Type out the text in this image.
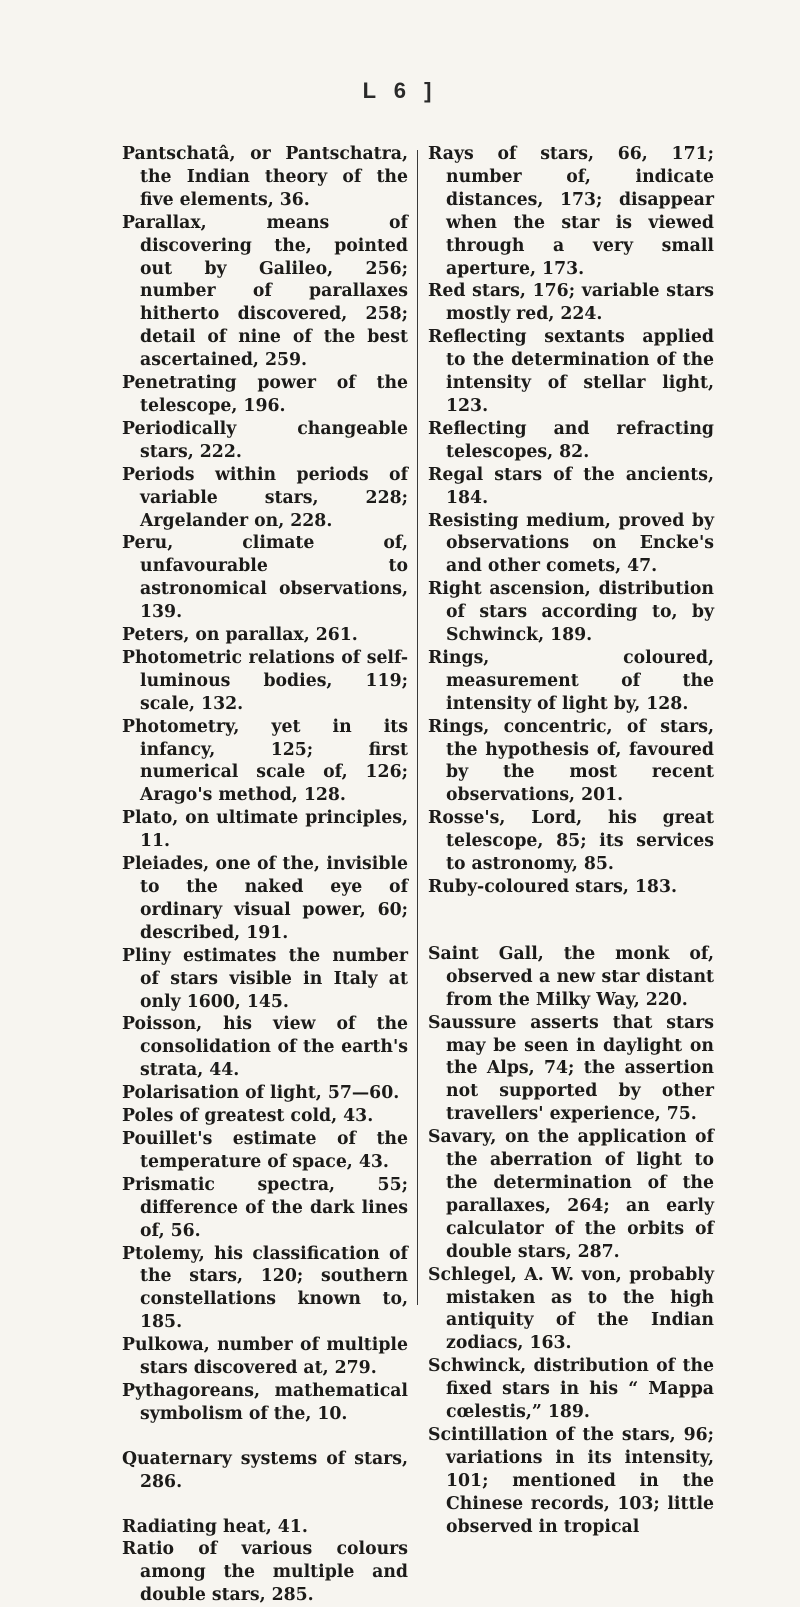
L 6 ]

Pantschatâ, or Pantschatra, the Indian theory of the five elements, 36.

Parallax, means of discovering the, pointed out by Galileo, 256; number of parallaxes hitherto discovered, 258; detail of nine of the best ascertained, 259.

Penetrating power of the telescope, 196.

Periodically changeable stars, 222.

Periods within periods of variable stars, 228; Argelander on, 228.

Peru, climate of, unfavourable to astronomical observations, 139.

Peters, on parallax, 261.

Photometric relations of self-luminous bodies, 119; scale, 132.

Photometry, yet in its infancy, 125; first numerical scale of, 126; Arago's method, 128.

Plato, on ultimate principles, 11.

Pleiades, one of the, invisible to the naked eye of ordinary visual power, 60; described, 191.

Pliny estimates the number of stars visible in Italy at only 1600, 145.

Poisson, his view of the consolidation of the earth's strata, 44.

Polarisation of light, 57—60.

Poles of greatest cold, 43.

Pouillet's estimate of the temperature of space, 43.

Prismatic spectra, 55; difference of the dark lines of, 56.

Ptolemy, his classification of the stars, 120; southern constellations known to, 185.

Pulkowa, number of multiple stars discovered at, 279.

Pythagoreans, mathematical symbolism of the, 10.

Quaternary systems of stars, 286.

Radiating heat, 41.

Ratio of various colours among the multiple and double stars, 285.

Rays of stars, 66, 171; number of, indicate distances, 173; disappear when the star is viewed through a very small aperture, 173.

Red stars, 176; variable stars mostly red, 224.

Reflecting sextants applied to the determination of the intensity of stellar light, 123.

Reflecting and refracting telescopes, 82.

Regal stars of the ancients, 184.

Resisting medium, proved by observations on Encke's and other comets, 47.

Right ascension, distribution of stars according to, by Schwinck, 189.

Rings, coloured, measurement of the intensity of light by, 128.

Rings, concentric, of stars, the hypothesis of, favoured by the most recent observations, 201.

Rosse's, Lord, his great telescope, 85; its services to astronomy, 85.

Ruby-coloured stars, 183.

Saint Gall, the monk of, observed a new star distant from the Milky Way, 220.

Saussure asserts that stars may be seen in daylight on the Alps, 74; the assertion not supported by other travellers' experience, 75.

Savary, on the application of the aberration of light to the determination of the parallaxes, 264; an early calculator of the orbits of double stars, 287.

Schlegel, A. W. von, probably mistaken as to the high antiquity of the Indian zodiacs, 163.

Schwinck, distribution of the fixed stars in his “ Mappa cœlestis,” 189.

Scintillation of the stars, 96; variations in its intensity, 101; mentioned in the Chinese records, 103; little observed in tropical
